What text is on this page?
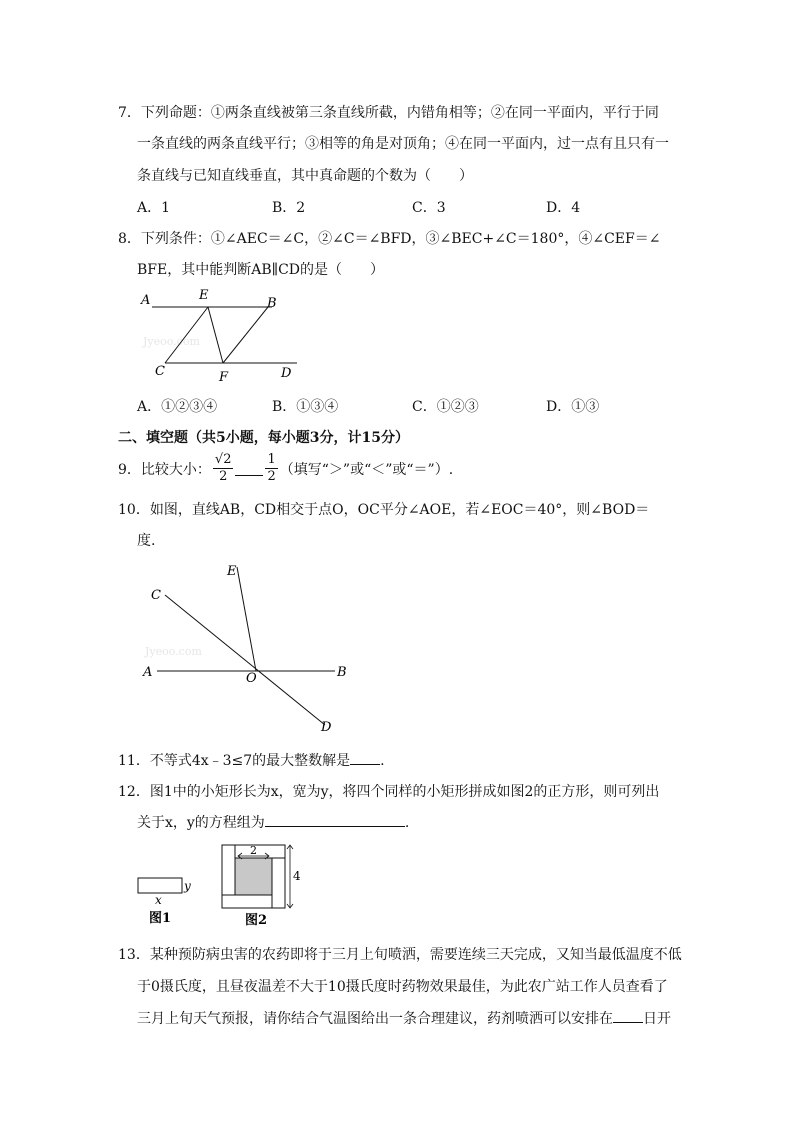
7．下列命题：①两条直线被第三条直线所截，内错角相等；②在同一平面内，平行于同
一条直线的两条直线平行；③相等的角是对顶角；④在同一平面内，过一点有且只有一
条直线与已知直线垂直，其中真命题的个数为（　　）
A．1	B．2	C．3	D．4
8．下列条件：①∠AEC＝∠C，②∠C＝∠BFD，③∠BEC+∠C＝180°，④∠CEF＝∠
BFE，其中能判断AB∥CD的是（　　）
Jyeoo.com
A	E
B
C	F	D
A．①②③④	B．①③④	C．①②③	D．①③
二、填空题（共5小题，每小题3分，计15分）
9．比较大小： $\frac{√2}{2} \frac{1}{2}$ （填写“＞”或“＜”或“＝”）.
10．如图，直线AB，CD相交于点O，OC平分∠AOE，若∠EOC＝40°，则∠BOD＝
度.
Jyeoo.com
E
C
A	O	B
D
11．不等式4x﹣3≤7的最大整数解是 .
12．图1中的小矩形长为x，宽为y，将四个同样的小矩形拼成如图2的正方形，则可列出
关于x，y的方程组为	.
y
x
图1
2
4
图2
13．某种预防病虫害的农药即将于三月上旬喷洒，需要连续三天完成，又知当最低温度不低
于0摄氏度，且昼夜温差不大于10摄氏度时药物效果最佳，为此农广站工作人员查看了
三月上旬天气预报，请你结合气温图给出一条合理建议，药剂喷洒可以安排在 日开
